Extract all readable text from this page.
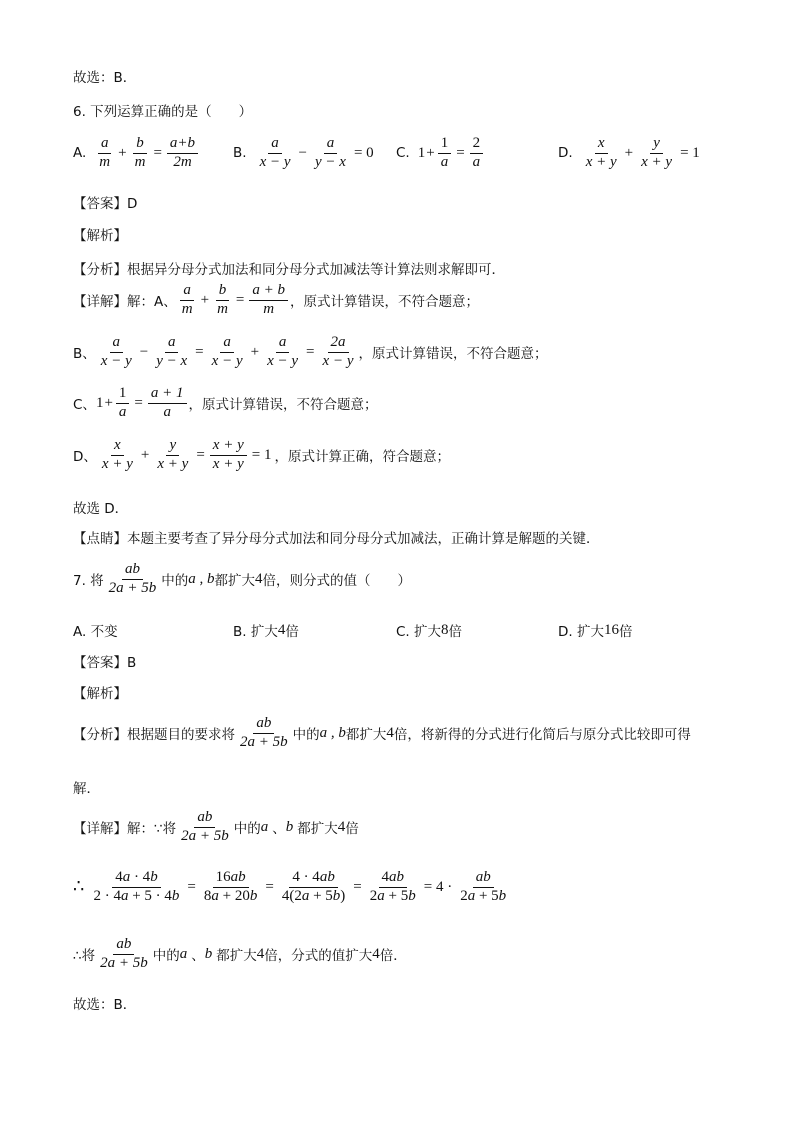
故选：B．
6. 下列运算正确的是（　　）
A. $\frac{a}{m} + \frac{b}{m} = \frac{a+b}{2m}$	B. $\frac{a}{x - y} - \frac{a}{y - x} = 0$ C. $1 + \frac{1}{a} = \frac{2}{a}$	D. $\frac{x}{x + y} + \frac{y}{x + y} = 1$
【答案】D
【解析】
【分析】根据异分母分式加法和同分母分式加减法等计算法则求解即可．
【详解】解：A、 $\frac{a}{m} + \frac{b}{m} = \frac{a + b}{m}$ ，原式计算错误，不符合题意；
B、 $\frac{a}{x - y} - \frac{a}{y - x} = \frac{a}{x - y} + \frac{a}{x - y} = \frac{2a}{x - y}$ ，原式计算错误，不符合题意；
C、 $1 + \frac{1}{a} = \frac{a + 1}{a}$ ，原式计算错误，不符合题意；
D、 $\frac{x}{x + y} + \frac{y}{x + y} = \frac{x + y}{x + y} = 1$ ，原式计算正确，符合题意；
故选 D．
【点睛】本题主要考查了异分母分式加法和同分母分式加减法，正确计算是解题的关键．
7. 将 $\frac{ab}{2a + 5b}$ 中的 a , b 都扩大 4 倍，则分式的值（　　）
A. 不变	B. 扩大 4 倍	C. 扩大 8 倍	D. 扩大 16 倍
【答案】B
【解析】
【分析】根据题目的要求将 $\frac{ab}{2a + 5b}$ 中的 a , b 都扩大 4 倍，将新得的分式进行化简后与原分式比较即可得
解．
【详解】解：∵将 $\frac{ab}{2a + 5b}$ 中的 a 、 b 都扩大 4 倍
∴ $\frac{4a \cdot 4b}{2 \cdot 4a + 5 \cdot 4b} = \frac{16ab}{8a + 20b} = \frac{4 \cdot 4ab}{4(2a + 5b)} = \frac{4ab}{2a + 5b} = 4 \cdot \frac{ab}{2a + 5b}$
∴将 $\frac{ab}{2a + 5b}$ 中的 a 、 b 都扩大 4 倍，分式的值扩大 4 倍．
故选：B．
